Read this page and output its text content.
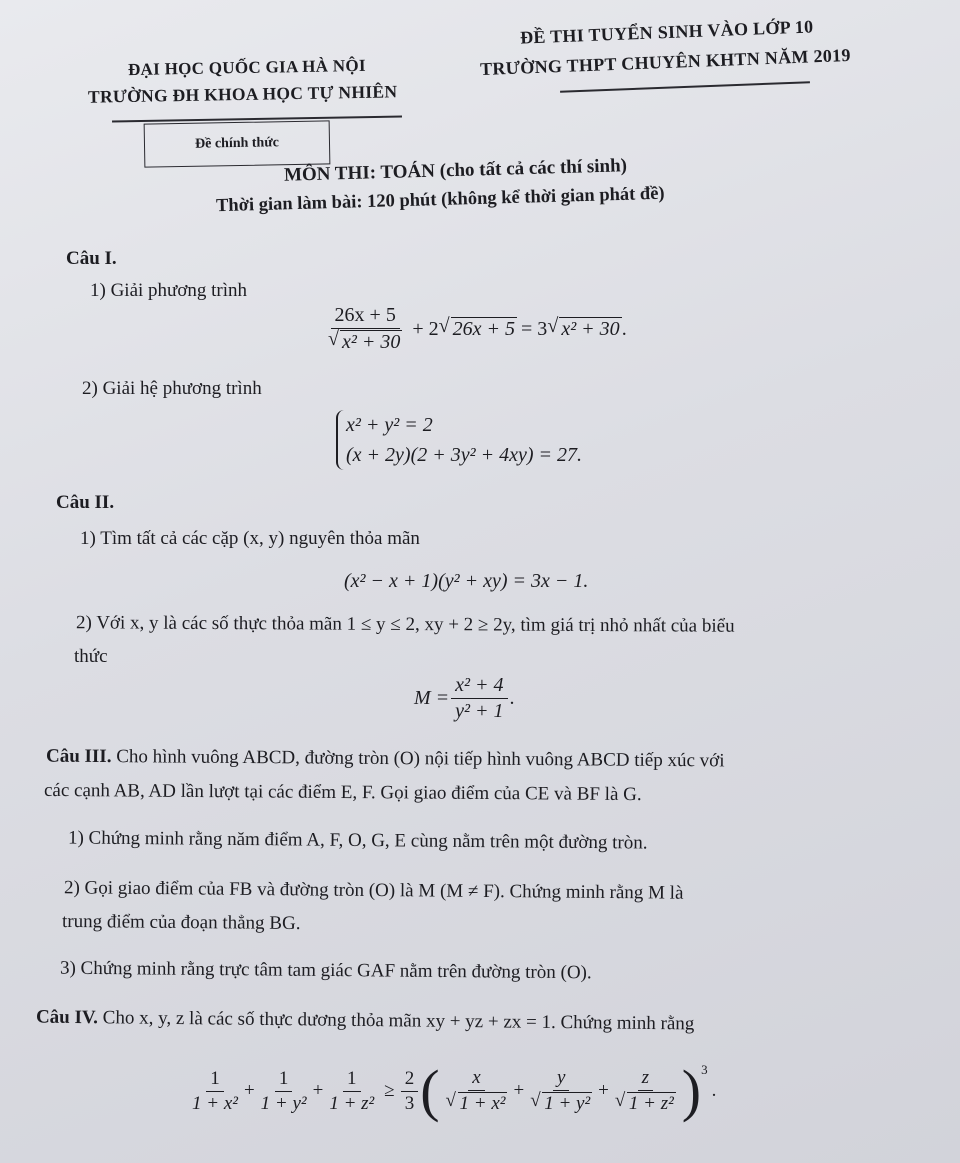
ĐẠI HỌC QUỐC GIA HÀ NỘI
TRƯỜNG ĐH KHOA HỌC TỰ NHIÊN
ĐỀ THI TUYỂN SINH VÀO LỚP 10
TRƯỜNG THPT CHUYÊN KHTN NĂM 2019
Đề chính thức
MÔN THI: TOÁN (cho tất cả các thí sinh)
Thời gian làm bài: 120 phút (không kể thời gian phát đề)
Câu I.
1) Giải phương trình
26x + 5
√ x² + 30 + 2 √ 26x + 5 = 3 √ x² + 30 .
2) Giải hệ phương trình
x² + y² = 2
(x + 2y)(2 + 3y² + 4xy) = 27.
Câu II.
1) Tìm tất cả các cặp (x, y) nguyên thỏa mãn
(x² − x + 1)(y² + xy) = 3x − 1.
2) Với x, y là các số thực thỏa mãn 1 ≤ y ≤ 2, xy + 2 ≥ 2y, tìm giá trị nhỏ nhất của biểu
thức
$M = \frac{\text{x² + 4}}{\text{y² + 1}}$ .
Câu III. Cho hình vuông ABCD, đường tròn (O) nội tiếp hình vuông ABCD tiếp xúc với
các cạnh AB, AD lần lượt tại các điểm E, F. Gọi giao điểm của CE và BF là G.
1) Chứng minh rằng năm điểm A, F, O, G, E cùng nằm trên một đường tròn.
2) Gọi giao điểm của FB và đường tròn (O) là M (M ≠ F). Chứng minh rằng M là
trung điểm của đoạn thẳng BG.
3) Chứng minh rằng trực tâm tam giác GAF nằm trên đường tròn (O).
Câu IV. Cho x, y, z là các số thực dương thỏa mãn xy + yz + zx = 1. Chứng minh rằng
$\frac{1}{\text{1 + x²}} + \frac{1}{\text{1 + y²}} + \frac{1}{\text{1 + z²}} \ge \frac{2}{3}$ ( x
√ 1 + x² + y
√ 1 + y² + z
√ 1 + z² ) 3
.
